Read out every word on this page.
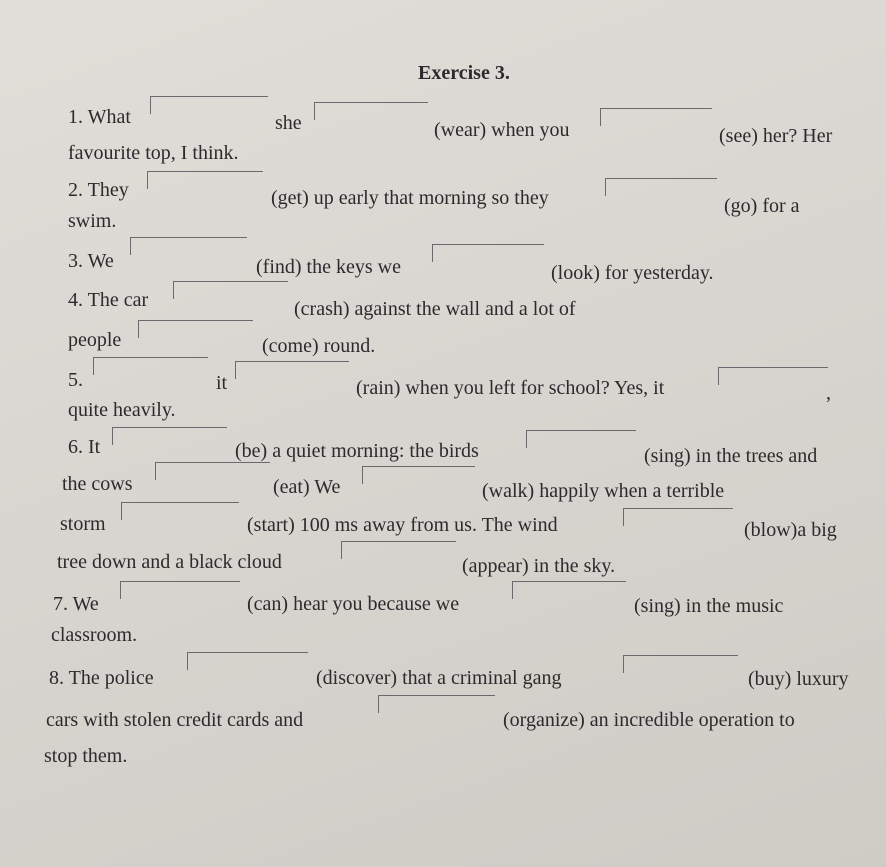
Exercise 3.
1. What	she	(wear) when you	(see) her? Her
favourite top, I think.
2. They	(get) up early that morning so they	(go) for a
swim.
3. We	(find) the keys we	(look) for yesterday.
4. The car	(crash) against the wall and a lot of
people	(come) round.
5.	it	(rain) when you left for school? Yes, it	,
quite heavily.
6. It	(be) a quiet morning: the birds	(sing) in the trees and
the cows	(eat) We	(walk) happily when a terrible
storm	(start) 100 ms away from us. The wind	(blow)a big
tree down and a black cloud	(appear) in the sky.
7. We	(can) hear you because we	(sing) in the music
classroom.
8. The police	(discover) that a criminal gang	(buy) luxury
cars with stolen credit cards and	(organize) an incredible operation to
stop them.
